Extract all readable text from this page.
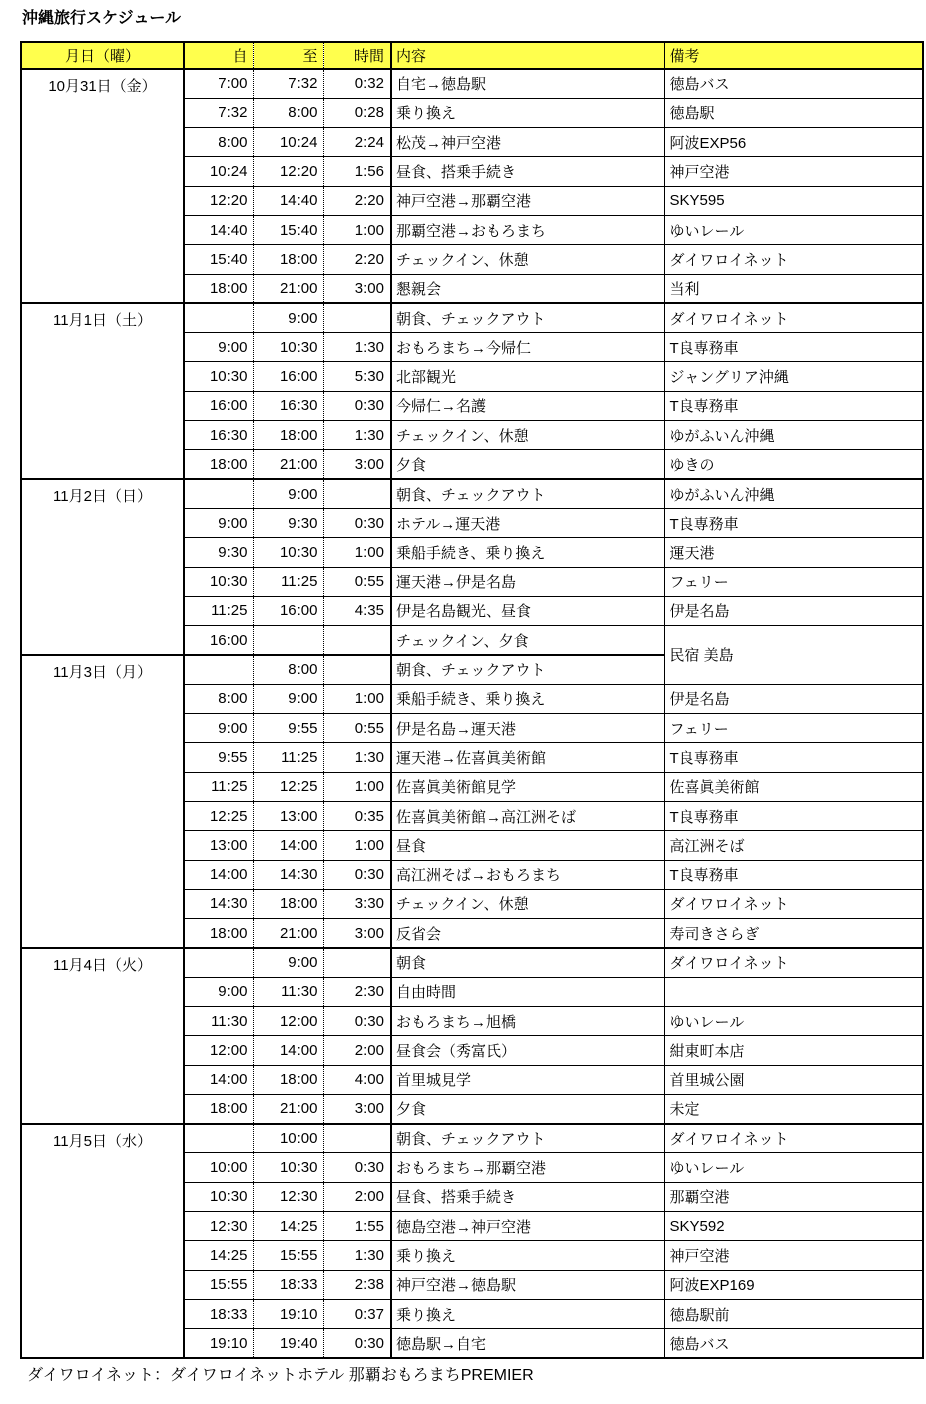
沖縄旅行スケジュール
月日（曜）	自	至	時間	内容	備考
10月31日（金）	7:00	7:32	0:32	自宅→徳島駅	徳島バス
	7:32	8:00	0:28	乗り換え	徳島駅
	8:00	10:24	2:24	松茂→神戸空港	阿波EXP56
	10:24	12:20	1:56	昼食、搭乗手続き	神戸空港
	12:20	14:40	2:20	神戸空港→那覇空港	SKY595
	14:40	15:40	1:00	那覇空港→おもろまち	ゆいレール
	15:40	18:00	2:20	チェックイン、休憩	ダイワロイネット
	18:00	21:00	3:00	懇親会	当利
11月1日（土）		9:00		朝食、チェックアウト	ダイワロイネット
	9:00	10:30	1:30	おもろまち→今帰仁	T良専務車
	10:30	16:00	5:30	北部観光	ジャングリア沖縄
	16:00	16:30	0:30	今帰仁→名護	T良専務車
	16:30	18:00	1:30	チェックイン、休憩	ゆがふいん沖縄
	18:00	21:00	3:00	夕食	ゆきの
11月2日（日）		9:00		朝食、チェックアウト	ゆがふいん沖縄
	9:00	9:30	0:30	ホテル→運天港	T良専務車
	9:30	10:30	1:00	乗船手続き、乗り換え	運天港
	10:30	11:25	0:55	運天港→伊是名島	フェリー
	11:25	16:00	4:35	伊是名島観光、昼食	伊是名島
	16:00			チェックイン、夕食	民宿 美島
11月3日（月）		8:00		朝食、チェックアウト	
	8:00	9:00	1:00	乗船手続き、乗り換え	伊是名島
	9:00	9:55	0:55	伊是名島→運天港	フェリー
	9:55	11:25	1:30	運天港→佐喜眞美術館	T良専務車
	11:25	12:25	1:00	佐喜眞美術館見学	佐喜眞美術館
	12:25	13:00	0:35	佐喜眞美術館→高江洲そば	T良専務車
	13:00	14:00	1:00	昼食	高江洲そば
	14:00	14:30	0:30	高江洲そば→おもろまち	T良専務車
	14:30	18:00	3:30	チェックイン、休憩	ダイワロイネット
	18:00	21:00	3:00	反省会	寿司きさらぎ
11月4日（火）		9:00		朝食	ダイワロイネット
	9:00	11:30	2:30	自由時間	
	11:30	12:00	0:30	おもろまち→旭橋	ゆいレール
	12:00	14:00	2:00	昼食会（秀富氏）	紺東町本店
	14:00	18:00	4:00	首里城見学	首里城公園
	18:00	21:00	3:00	夕食	未定
11月5日（水）		10:00		朝食、チェックアウト	ダイワロイネット
	10:00	10:30	0:30	おもろまち→那覇空港	ゆいレール
	10:30	12:30	2:00	昼食、搭乗手続き	那覇空港
	12:30	14:25	1:55	徳島空港→神戸空港	SKY592
	14:25	15:55	1:30	乗り換え	神戸空港
	15:55	18:33	2:38	神戸空港→徳島駅	阿波EXP169
	18:33	19:10	0:37	乗り換え	徳島駅前
	19:10	19:40	0:30	徳島駅→自宅	徳島バス
ダイワロイネット：ダイワロイネットホテル 那覇おもろまちPREMIER
